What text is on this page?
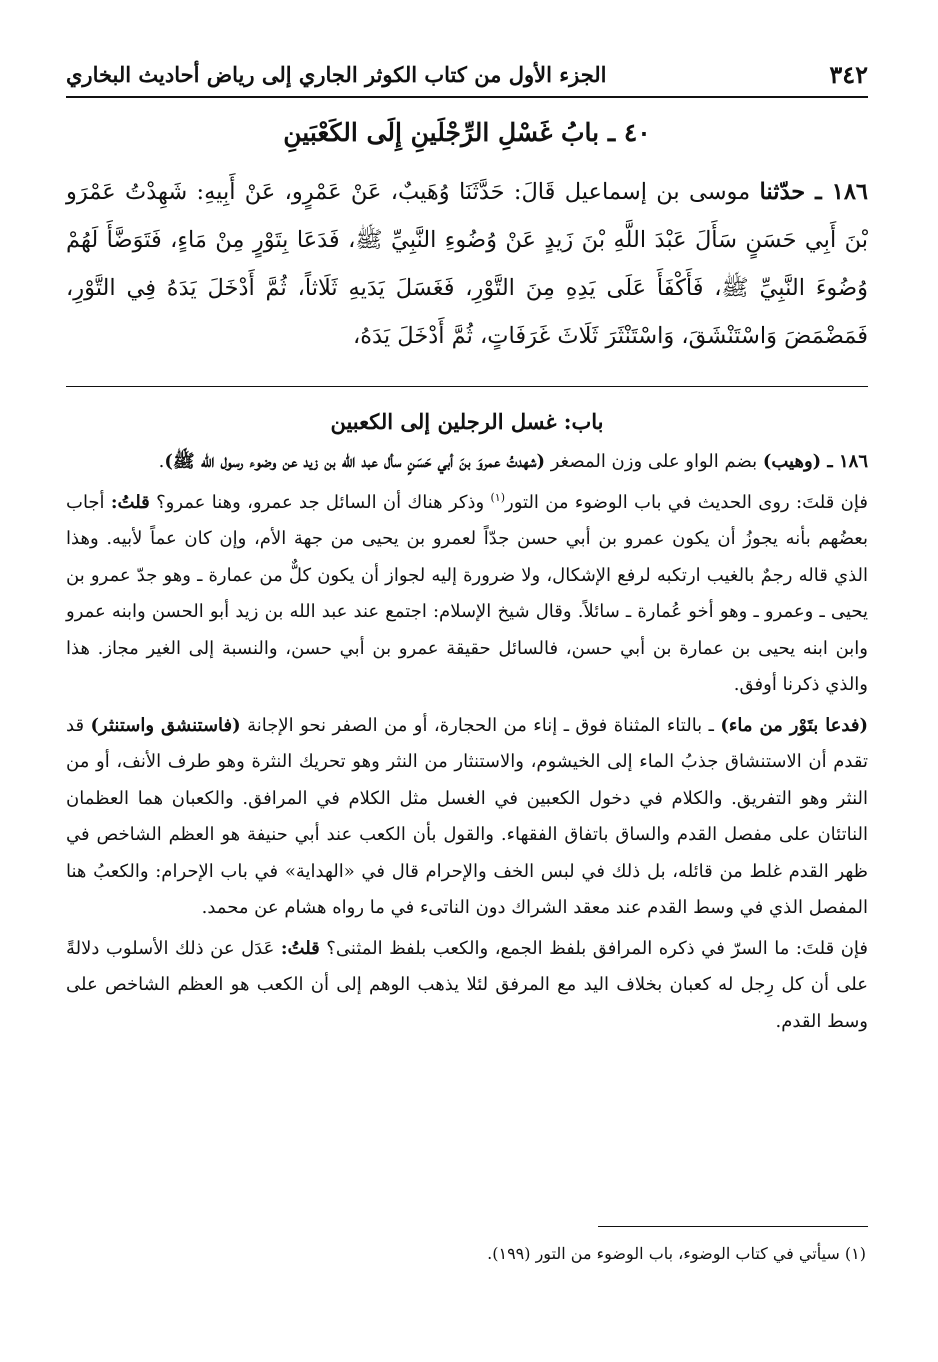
٣٤٢
الجزء الأول من كتاب الكوثر الجاري إلى رياض أحاديث البخاري
٤٠ ـ بابُ غَسْلِ الرِّجْلَينِ إِلَى الكَعْبَينِ
١٨٦ ـ حدّثنا موسى بن إسماعيل قَالَ: حَدَّثَنَا وُهَيبٌ، عَنْ عَمْرٍو، عَنْ أَبِيهِ: شَهِدْتُ عَمْرَو بْنَ أَبِي حَسَنٍ سَأَلَ عَبْدَ اللَّهِ بْنَ زَيدٍ عَنْ وُضُوءِ النَّبِيِّ ﷺ، فَدَعَا بِتَوْرٍ مِنْ مَاءٍ، فَتَوَضَّأَ لَهُمْ وُضُوءَ النَّبِيِّ ﷺ، فَأَكْفَأَ عَلَى يَدِهِ مِنَ التَّوْرِ، فَغَسَلَ يَدَيهِ ثَلَاثاً، ثُمَّ أَدْخَلَ يَدَهُ فِي التَّوْرِ، فَمَضْمَضَ وَاسْتَنْشَقَ، وَاسْتَنْثَرَ ثَلَاثَ غَرَفَاتٍ، ثُمَّ أَدْخَلَ يَدَهُ،
باب: غسل الرجلين إلى الكعبين

١٨٦ ـ (وهيب) بضم الواو على وزن المصغر (شهدتُ عمروَ بنَ أبي حَسَنٍ سأل عبد الله بن زيد عن وضوء رسول الله ﷺ).

فإن قلتَ: روى الحديث في باب الوضوء من التور$^{(١)}$ وذكر هناك أن السائل جد عمرو، وهنا عمرو؟ قلتُ: أجاب بعضُهم بأنه يجوزُ أن يكون عمرو بن أبي حسن جدّاً لعمرو بن يحيى من جهة الأم، وإن كان عماً لأبيه. وهذا الذي قاله رجمٌ بالغيب ارتكبه لرفع الإشكال، ولا ضرورة إليه لجواز أن يكون كلٌّ من عمارة ـ وهو جدّ عمرو بن يحيى ـ وعمرو ـ وهو أخو عُمارة ـ سائلاً. وقال شيخ الإسلام: اجتمع عند عبد الله بن زيد أبو الحسن وابنه عمرو وابن ابنه يحيى بن عمارة بن أبي حسن، فالسائل حقيقة عمرو بن أبي حسن، والنسبة إلى الغير مجاز. هذا والذي ذكرنا أوفق.

(فدعا بتَوْر من ماء) ـ بالتاء المثناة فوق ـ إناء من الحجارة، أو من الصفر نحو الإجانة (فاستنشق واستنثر) قد تقدم أن الاستنشاق جذبُ الماء إلى الخيشوم، والاستنثار من النثر وهو تحريك النثرة وهو طرف الأنف، أو من النثر وهو التفريق. والكلام في دخول الكعبين في الغسل مثل الكلام في المرافق. والكعبان هما العظمان الناتئان على مفصل القدم والساق باتفاق الفقهاء. والقول بأن الكعب عند أبي حنيفة هو العظم الشاخص في ظهر القدم غلط من قائله، بل ذلك في لبس الخف والإحرام قال في «الهداية» في باب الإحرام: والكعبُ هنا المفصل الذي في وسط القدم عند معقد الشراك دون الناتىء في ما رواه هشام عن محمد.

فإن قلتَ: ما السرّ في ذكره المرافق بلفظ الجمع، والكعب بلفظ المثنى؟ قلتُ: عَدَل عن ذلك الأسلوب دلالةً على أن كل رِجل له كعبان بخلاف اليد مع المرفق لئلا يذهب الوهم إلى أن الكعب هو العظم الشاخص على وسط القدم.

(١) سيأتي في كتاب الوضوء، باب الوضوء من التور (١٩٩).
